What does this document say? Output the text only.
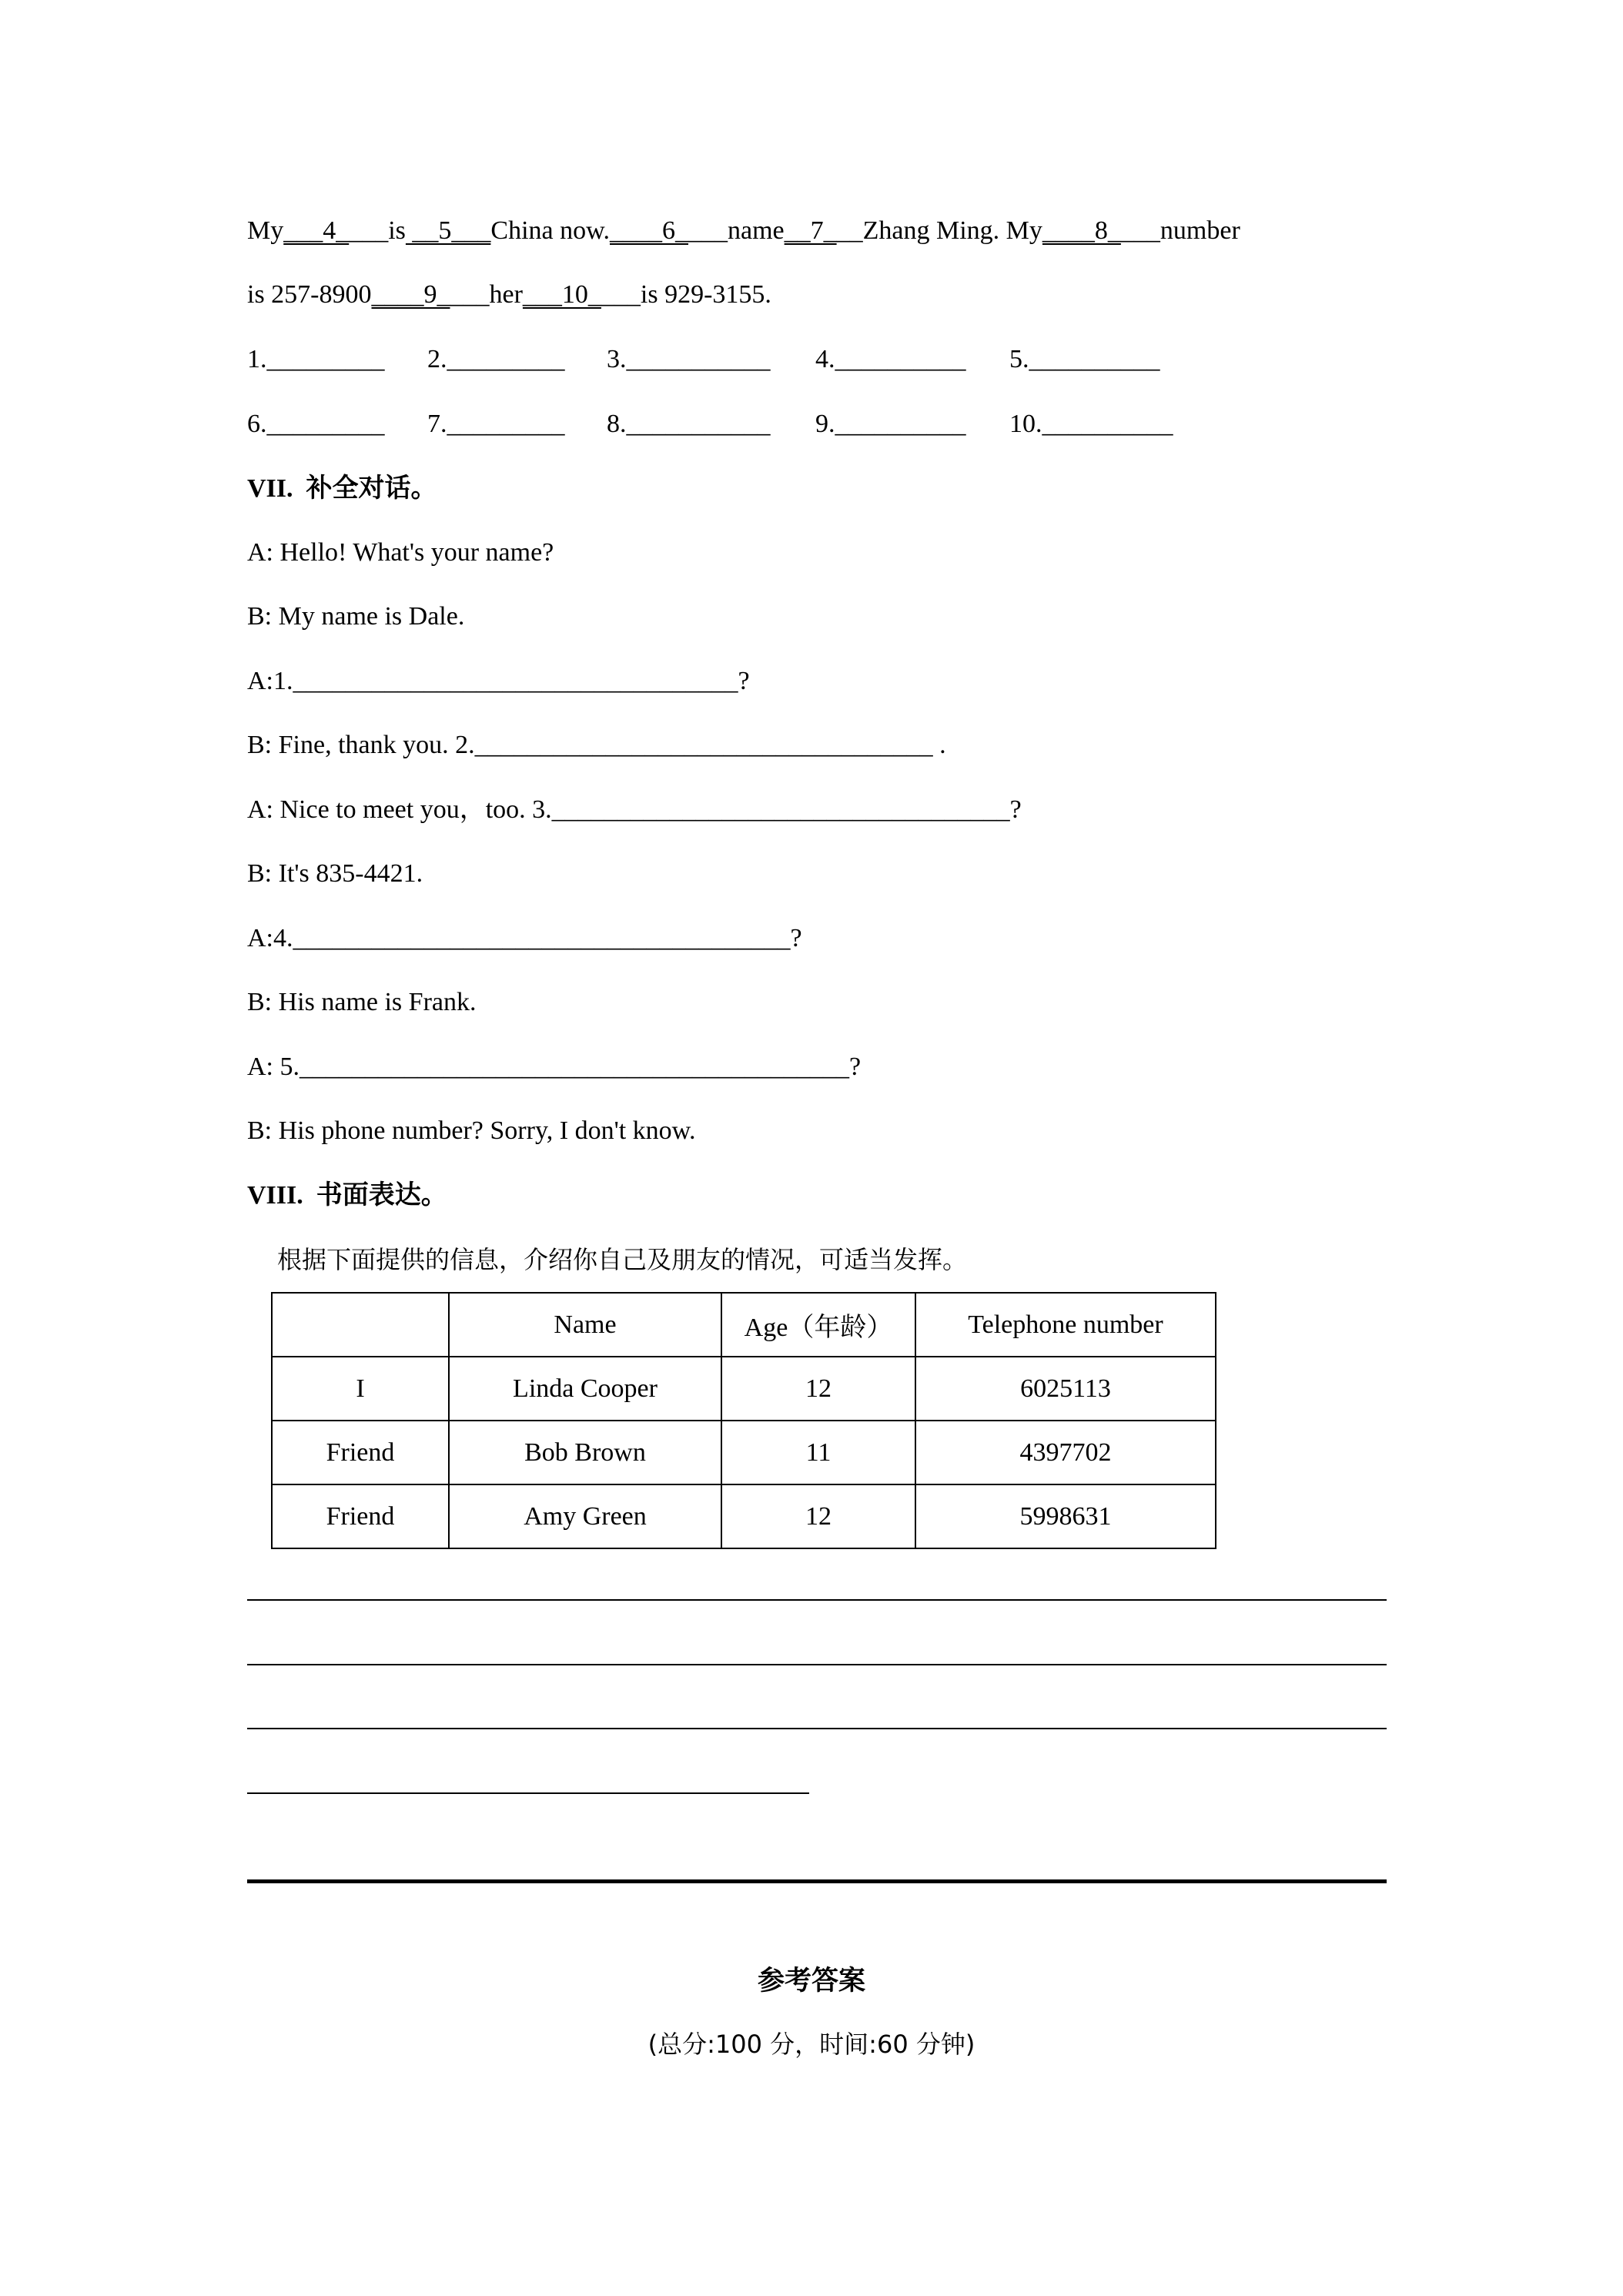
My___4____is __5___China now.____6____name__7___Zhang Ming. My____8____number
is 257-8900____9____her___10____is 929-3155.
1._________	2._________	3.___________	4.__________	5.__________
6._________	7._________	8.___________	9.__________	10.__________
VII. 补全对话。
A: Hello! What's your name?
B: My name is Dale.
A:1.__________________________________?
B: Fine, thank you. 2.___________________________________ .
A: Nice to meet you，too. 3.___________________________________?
B: It's 835-4421.
A:4.______________________________________?
B: His name is Frank.
A: 5.__________________________________________?
B: His phone number? Sorry, I don't know.
VIII. 书面表达。
根据下面提供的信息，介绍你自己及朋友的情况，可适当发挥。
	Name	Age（年龄）	Telephone number
I	Linda Cooper	12	6025113
Friend	Bob Brown	11	4397702
Friend	Amy Green	12	5998631
参考答案
(总分:100 分，时间:60 分钟)
